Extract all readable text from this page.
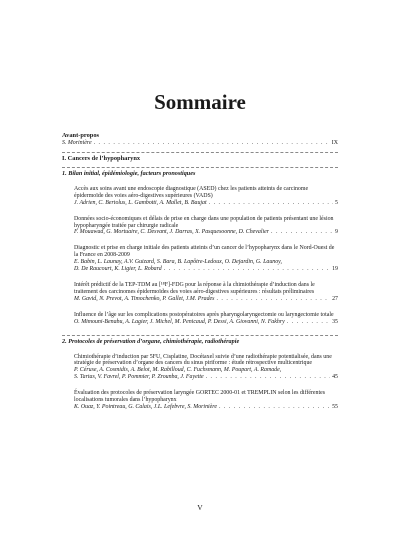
Sommaire
Avant-propos
S. Morinière . . .	IX
I. Cancers de l’hypopharynx
1. Bilan initial, épidémiologie, facteurs pronostiques
Accès aux soins avant une endoscopie diagnostique (ASED) chez les patients atteints de carcinome épidermoïde des voies aéro-digestives supérieures (VADS)
J. Adrien, C. Bertolus, L. Gambotti, A. Mallet, B. Baujat . . .	5
Données socio-économiques et délais de prise en charge dans une population de patients présentant une lésion hypopharyngée traitée par chirurgie radicale
F. Mouawad, G. Mortuaire, C. Desvant, J. Darras, X. Pasquesoonne, D. Chevalier . . .	9
Diagnostic et prise en charge initiale des patients atteints d’un cancer de l’hypopharynx dans le Nord-Ouest de la France en 2008-2009
E. Babin, L. Launay, A.V. Guizard, S. Bara, B. Lapôtre-Ledoux, O. Dejardin, G. Launoy,
D. De Raucourt, K. Ligier, L. Robard . . .	19
Intérêt prédictif de la TEP-TDM au [¹⁸F]-FDG pour la réponse à la chimiothérapie d’induction dans le traitement des carcinomes épidermoïdes des voies aéro-digestives supérieures : résultats préliminaires
M. Gavid, N. Prevot, A. Timochenko, P. Gallet, J.M. Prades . . .	27
Influence de l’âge sur les complications postopératoires après pharyngolaryngectomie ou laryngectomie totale
O. Mimouni-Benabu, A. Lagier, J. Michel, M. Penicaud, P. Dessi, A. Giovanni, N. Fakhry . . .	35
2. Protocoles de préservation d’organe, chimiothérapie, radiothérapie
Chimiothérapie d’induction par 5FU, Cisplatine, Docétaxel suivie d’une radiothérapie potentialisée, dans une stratégie de préservation d’organe des cancers du sinus piriforme : étude rétrospective multicentrique
P. Céruse, A. Cosmidis, A. Belot, M. Rabilloud, C. Fuchsmann, M. Poupart, A. Ramade,
S. Tartas, V. Favrel, P. Pommier, P. Zrounba, J. Fayette . . .	45
Évaluation des protocoles de préservation laryngée GORTEC 2000-01 et TREMPLIN selon les différentes localisations tumorales dans l’hypopharynx
K. Ouaz, Y. Pointreau, G. Calais, J.L. Lefebvre, S. Morinière . . .	55
V
